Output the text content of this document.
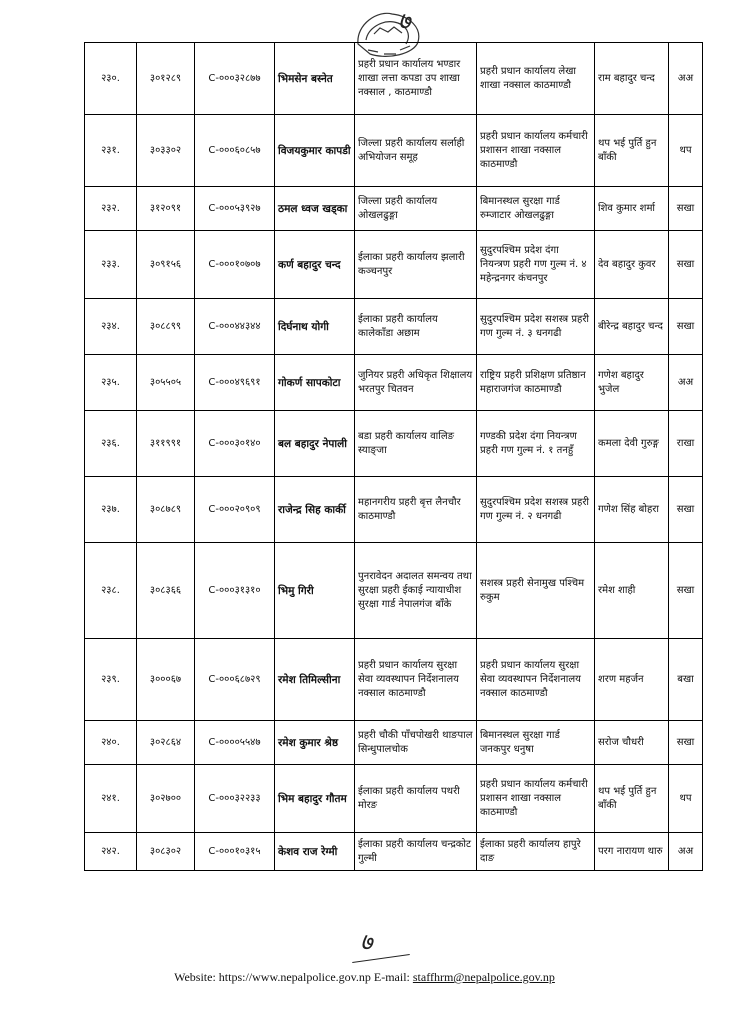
७
२३०.	३०१२८९	C-०००३२८७७	भिमसेन बस्नेत	प्रहरी प्रधान कार्यालय भण्डार शाखा लत्ता कपडा उप शाखा नक्साल , काठमाण्डौ	प्रहरी प्रधान कार्यालय लेखा शाखा नक्साल काठमाण्डौ	राम बहादुर चन्द	अअ
२३१.	३०३३०२	C-०००६०८५७	विजयकुमार कापडी	जिल्ला प्रहरी कार्यालय सर्लाही अभियोजन समूह	प्रहरी प्रधान कार्यालय कर्मचारी प्रशासन शाखा नक्साल काठमाण्डौ	थप भई पुर्ति हुन बाँकी	थप
२३२.	३१२०९१	C-०००५३९२७	ठमल ध्वज खड्का	जिल्ला प्रहरी कार्यालय ओखलढुङ्गा	बिमानस्थल सुरक्षा गार्ड रुम्जाटार ओखलढुङ्गा	शिव कुमार शर्मा	सखा
२३३.	३०९१५६	C-०००१०७०७	कर्ण बहादुर चन्द	ईलाका प्रहरी कार्यालय झलारी कञ्चनपुर	सुदुरपश्चिम प्रदेश दंगा नियन्त्रण प्रहरी गण गुल्म नं. ४ महेन्द्रनगर कंचनपुर	देव बहादुर कुवर	सखा
२३४.	३०८८९९	C-०००४४३४४	दिर्घनाथ योगी	ईलाका प्रहरी कार्यालय कालेकाँडा अछाम	सुदुरपश्चिम प्रदेश सशस्त्र प्रहरी गण गुल्म नं. ३ धनगढी	बीरेन्द्र बहादुर चन्द	सखा
२३५.	३०५५०५	C-०००४९६९१	गोकर्ण सापकोटा	जुनियर प्रहरी अधिकृत शिक्षालय भरतपुर चितवन	राष्ट्रिय प्रहरी प्रशिक्षण प्रतिष्ठान महाराजगंज काठमाण्डौ	गणेश बहादुर भुजेल	अअ
२३६.	३११९९१	C-०००३०१४०	बल बहादुर नेपाली	बडा प्रहरी कार्यालय वालिङ स्याङ्जा	गण्डकी प्रदेश दंगा नियन्त्रण प्रहरी गण गुल्म नं. १ तनहुँ	कमला देवी गुरुङ्ग	राखा
२३७.	३०८७८९	C-०००२०९०९	राजेन्द्र सिह कार्की	महानगरीय प्रहरी बृत्त लैनचौर काठमाण्डौ	सुदुरपश्चिम प्रदेश सशस्त्र प्रहरी गण गुल्म नं. २ धनगढी	गणेश सिंह बोहरा	सखा
२३८.	३०८३६६	C-०००३१३१०	भिमु गिरी	पुनरावेदन अदालत समन्वय तथा सुरक्षा प्रहरी ईकाई न्यायाधीश सुरक्षा गार्ड नेपालगंज बाँके	सशस्त्र प्रहरी सेनामुख पश्चिम रुकुम	रमेश शाही	सखा
२३९.	३०००६७	C-०००६८७२९	रमेश तिमिल्सीना	प्रहरी प्रधान कार्यालय सुरक्षा सेवा व्यवस्थापन निर्देशनालय नक्साल काठमाण्डौ	प्रहरी प्रधान कार्यालय सुरक्षा सेवा व्यवस्थापन निर्देशनालय नक्साल काठमाण्डौ	शरण महर्जन	बखा
२४०.	३०२८६४	C-००००५५४७	रमेश कुमार श्रेष्ठ	प्रहरी चौकी पाँचपोखरी थाङपाल सिन्धुपालचोक	बिमानस्थल सुरक्षा गार्ड जनकपुर धनुषा	सरोज चौधरी	सखा
२४१.	३०२७००	C-०००३२२३३	भिम बहादुर गौतम	ईलाका प्रहरी कार्यालय पथरी मोरङ	प्रहरी प्रधान कार्यालय कर्मचारी प्रशासन शाखा नक्साल काठमाण्डौ	थप भई पुर्ति हुन बाँकी	थप
२४२.	३०८३०२	C-०००१०३१५	केशव राज रेग्मी	ईलाका प्रहरी कार्यालय चन्द्रकोट गुल्मी	ईलाका प्रहरी कार्यालय हापुरे दाङ	परग नारायण थारु	अअ
७
Website: https://www.nepalpolice.gov.np E-mail: staffhrm@nepalpolice.gov.np
